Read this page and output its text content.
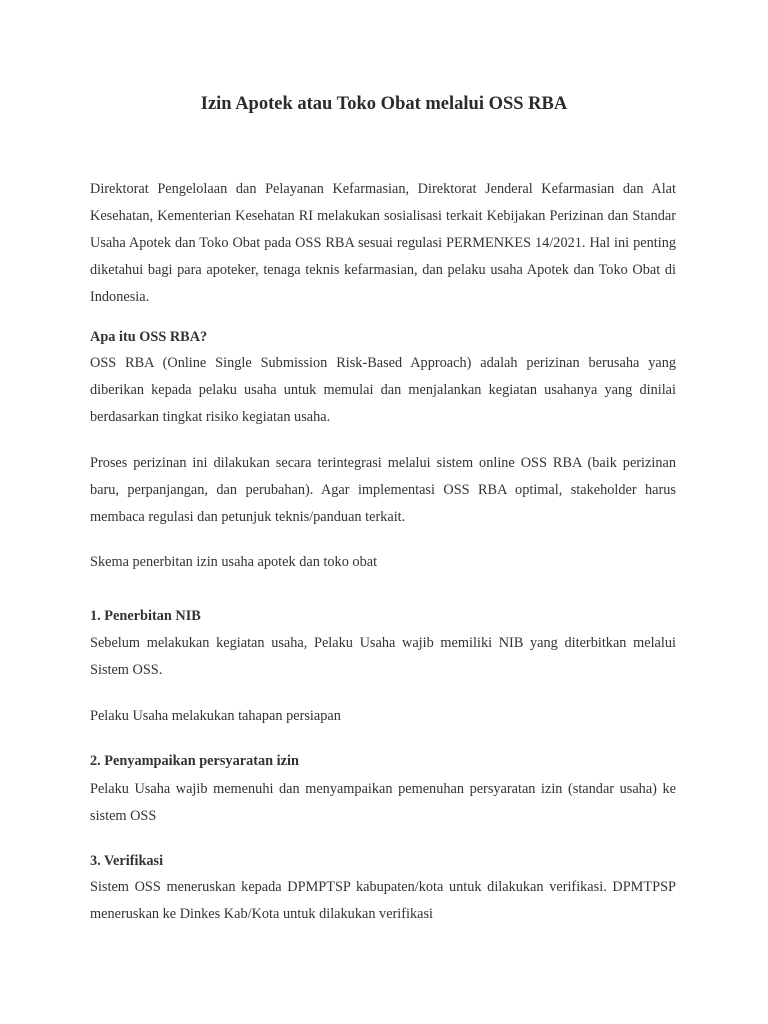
Izin Apotek atau Toko Obat melalui OSS RBA

Direktorat Pengelolaan dan Pelayanan Kefarmasian, Direktorat Jenderal Kefarmasian dan Alat Kesehatan, Kementerian Kesehatan RI melakukan sosialisasi terkait Kebijakan Perizinan dan Standar Usaha Apotek dan Toko Obat pada OSS RBA sesuai regulasi PERMENKES 14/2021. Hal ini penting diketahui bagi para apoteker, tenaga teknis kefarmasian, dan pelaku usaha Apotek dan Toko Obat di Indonesia.

Apa itu OSS RBA?

OSS RBA (Online Single Submission Risk-Based Approach) adalah perizinan berusaha yang diberikan kepada pelaku usaha untuk memulai dan menjalankan kegiatan usahanya yang dinilai berdasarkan tingkat risiko kegiatan usaha.

Proses perizinan ini dilakukan secara terintegrasi melalui sistem online OSS RBA (baik perizinan baru, perpanjangan, dan perubahan). Agar implementasi OSS RBA optimal, stakeholder harus membaca regulasi dan petunjuk teknis/panduan terkait.

Skema penerbitan izin usaha apotek dan toko obat

1. Penerbitan NIB

Sebelum melakukan kegiatan usaha, Pelaku Usaha wajib memiliki NIB yang diterbitkan melalui Sistem OSS.

Pelaku Usaha melakukan tahapan persiapan

2. Penyampaikan persyaratan izin

Pelaku Usaha wajib memenuhi dan menyampaikan pemenuhan persyaratan izin (standar usaha) ke sistem OSS

3. Verifikasi

Sistem OSS meneruskan kepada DPMPTSP kabupaten/kota untuk dilakukan verifikasi. DPMTPSP meneruskan ke Dinkes Kab/Kota untuk dilakukan verifikasi
